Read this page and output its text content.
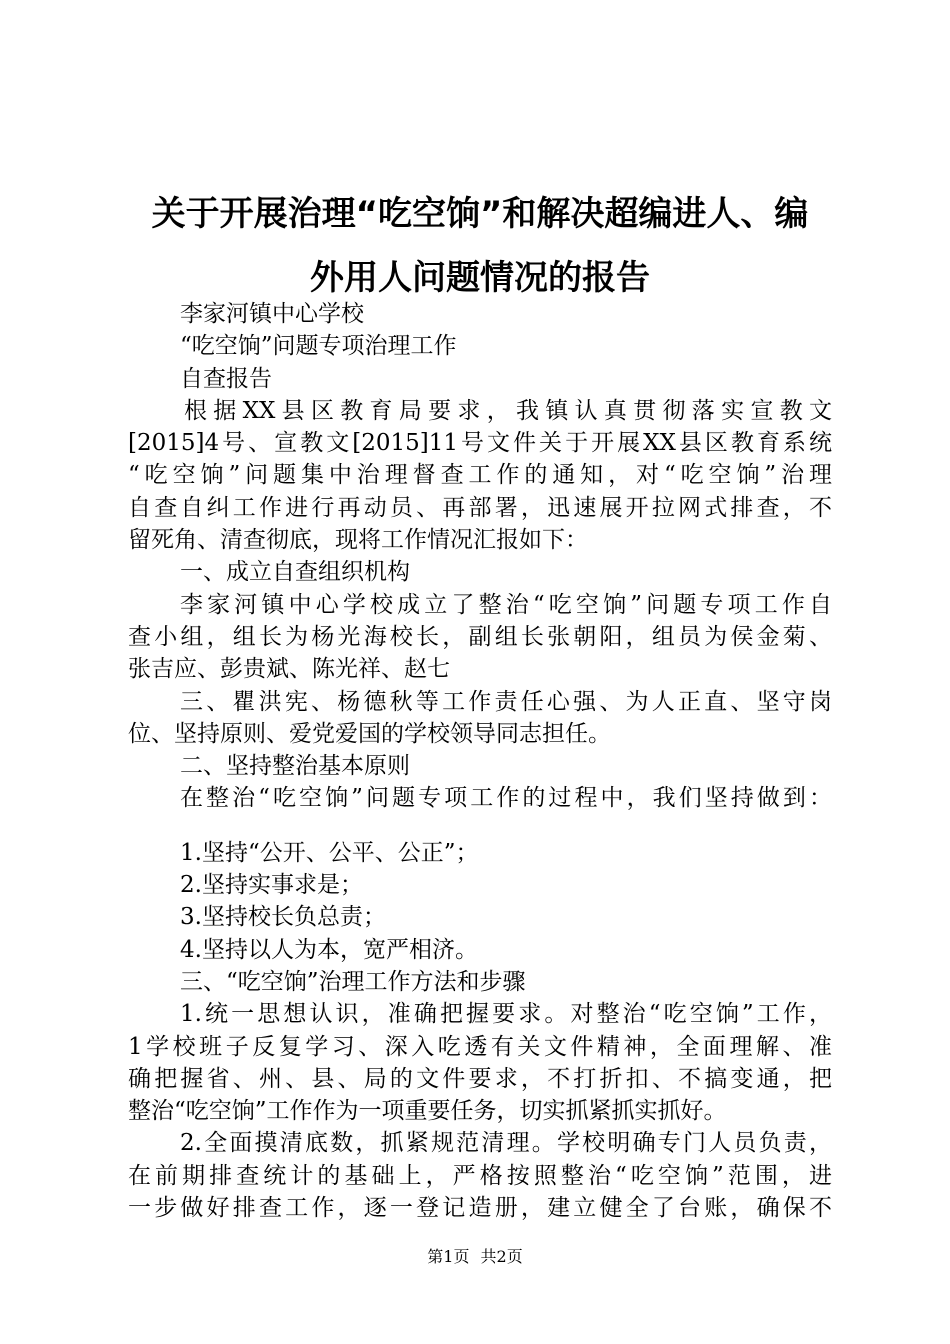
关于开展治理“吃空饷”和解决超编进人、编
外用人问题情况的报告
李家河镇中心学校
“吃空饷”问题专项治理工作
自查报告
根据XX县区教育局要求，我镇认真贯彻落实宣教文
[2015]4号、宣教文[2015]11号文件关于开展XX县区教育系统
“吃空饷”问题集中治理督查工作的通知，对“吃空饷”治理
自查自纠工作进行再动员、再部署，迅速展开拉网式排查，不
留死角、清查彻底，现将工作情况汇报如下：
一、成立自查组织机构
李家河镇中心学校成立了整治“吃空饷”问题专项工作自
查小组，组长为杨光海校长，副组长张朝阳，组员为侯金菊、
张吉应、彭贵斌、陈光祥、赵七
三、瞿洪宪、杨德秋等工作责任心强、为人正直、坚守岗
位、坚持原则、爱党爱国的学校领导同志担任。
二、坚持整治基本原则
在整治“吃空饷”问题专项工作的过程中，我们坚持做到：
1.坚持“公开、公平、公正”；
2.坚持实事求是；
3.坚持校长负总责；
4.坚持以人为本，宽严相济。
三、“吃空饷”治理工作方法和步骤
1.统一思想认识，准确把握要求。对整治“吃空饷”工作，
1学校班子反复学习、深入吃透有关文件精神，全面理解、准
确把握省、州、县、局的文件要求，不打折扣、不搞变通，把
整治“吃空饷”工作作为一项重要任务，切实抓紧抓实抓好。
2.全面摸清底数，抓紧规范清理。学校明确专门人员负责，
在前期排查统计的基础上，严格按照整治“吃空饷”范围，进
一步做好排查工作，逐一登记造册，建立健全了台账，确保不
第1页 共2页
